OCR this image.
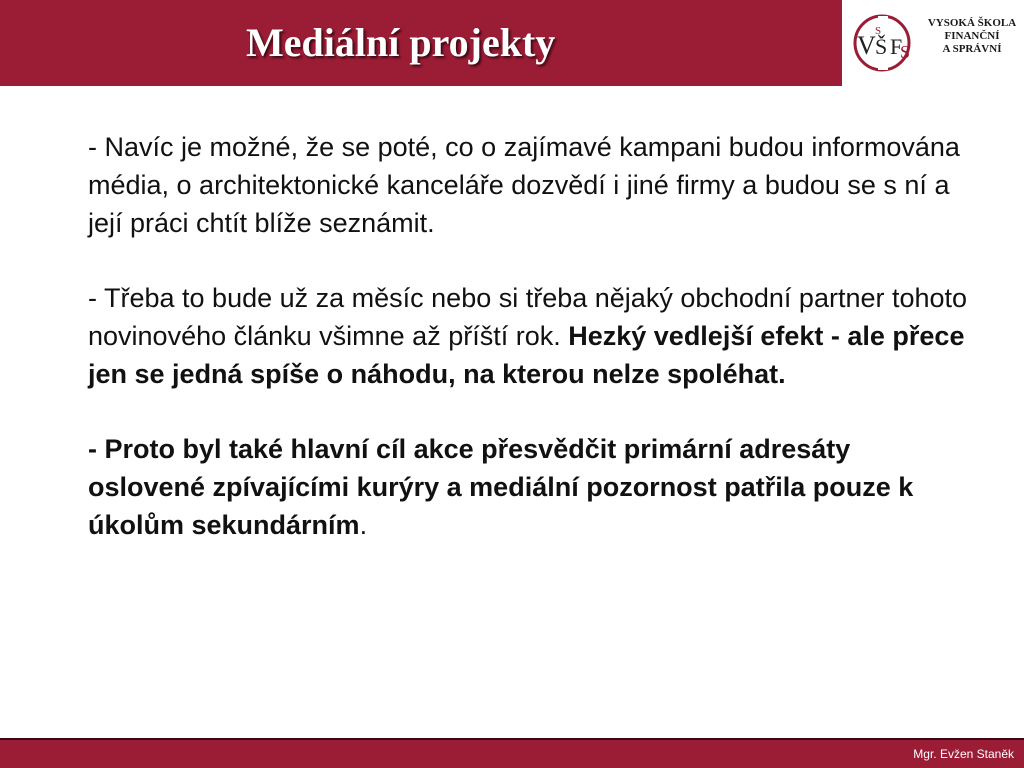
Mediální projekty	V S
Š F
S
VYSOKÁ ŠKOLA
FINANČNÍ
A SPRÁVNÍ

- Navíc je možné, že se poté, co o zajímavé kampani budou informována média, o architektonické kanceláře dozvědí i jiné firmy a budou se s ní a její práci chtít blíže seznámit.

- Třeba to bude už za měsíc nebo si třeba nějaký obchodní partner tohoto novinového článku všimne až příští rok. Hezký vedlejší efekt - ale přece jen se jedná spíše o náhodu, na kterou nelze spoléhat.

- Proto byl také hlavní cíl akce přesvědčit primární adresáty oslovené zpívajícími kurýry a mediální pozornost patřila pouze k úkolům sekundárním.

Mgr. Evžen Staněk
